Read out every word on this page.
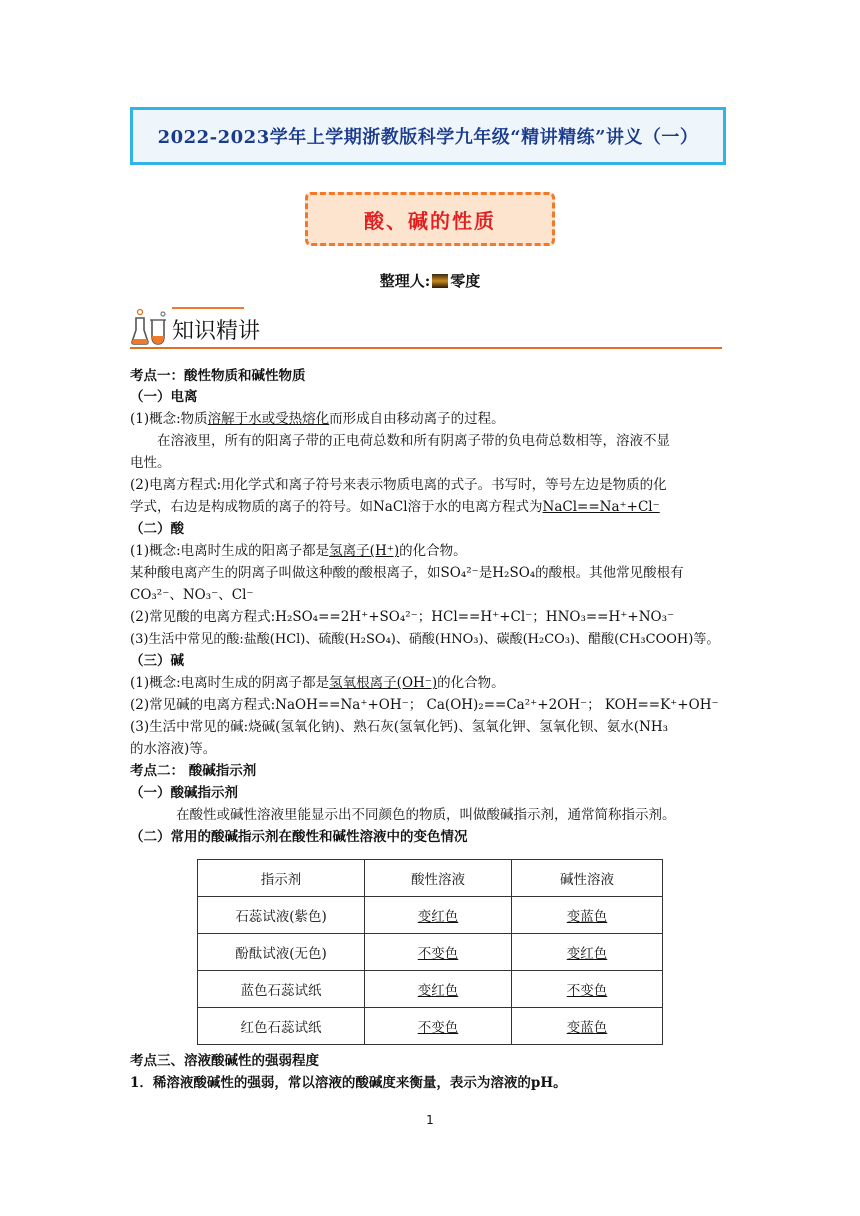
2022-2023学年上学期浙教版科学九年级“精讲精练”讲义（一）
酸、碱的性质
整理人: 零度
知识精讲
考点一：酸性物质和碱性物质
（一）电离
(1)概念:物质溶解于水或受热熔化而形成自由移动离子的过程。
在溶液里，所有的阳离子带的正电荷总数和所有阴离子带的负电荷总数相等，溶液不显
电性。
(2)电离方程式:用化学式和离子符号来表示物质电离的式子。书写时，等号左边是物质的化
学式，右边是构成物质的离子的符号。如NaCl溶于水的电离方程式为NaCl==Na⁺+Cl⁻
（二）酸
(1)概念:电离时生成的阳离子都是氢离子(H⁺)的化合物。
某种酸电离产生的阴离子叫做这种酸的酸根离子，如SO₄²⁻是H₂SO₄的酸根。其他常见酸根有
CO₃²⁻、NO₃⁻、Cl⁻
(2)常见酸的电离方程式:H₂SO₄==2H⁺+SO₄²⁻；HCl==H⁺+Cl⁻；HNO₃==H⁺+NO₃⁻
(3)生活中常见的酸:盐酸(HCl)、硫酸(H₂SO₄)、硝酸(HNO₃)、碳酸(H₂CO₃)、醋酸(CH₃COOH)等。
（三）碱
(1)概念:电离时生成的阴离子都是氢氧根离子(OH⁻)的化合物。
(2)常见碱的电离方程式:NaOH==Na⁺+OH⁻； Ca(OH)₂==Ca²⁺+2OH⁻； KOH==K⁺+OH⁻
(3)生活中常见的碱:烧碱(氢氧化钠)、熟石灰(氢氧化钙)、氢氧化钾、氢氧化钡、氨水(NH₃
的水溶液)等。
考点二： 酸碱指示剂
（一）酸碱指示剂
在酸性或碱性溶液里能显示出不同颜色的物质，叫做酸碱指示剂，通常简称指示剂。
（二）常用的酸碱指示剂在酸性和碱性溶液中的变色情况
指示剂	酸性溶液	碱性溶液
石蕊试液(紫色)	变红色	变蓝色
酚酞试液(无色)	不变色	变红色
蓝色石蕊试纸	变红色	不变色
红色石蕊试纸	不变色	变蓝色
考点三、溶液酸碱性的强弱程度
1．稀溶液酸碱性的强弱，常以溶液的酸碱度来衡量，表示为溶液的pH。
1
